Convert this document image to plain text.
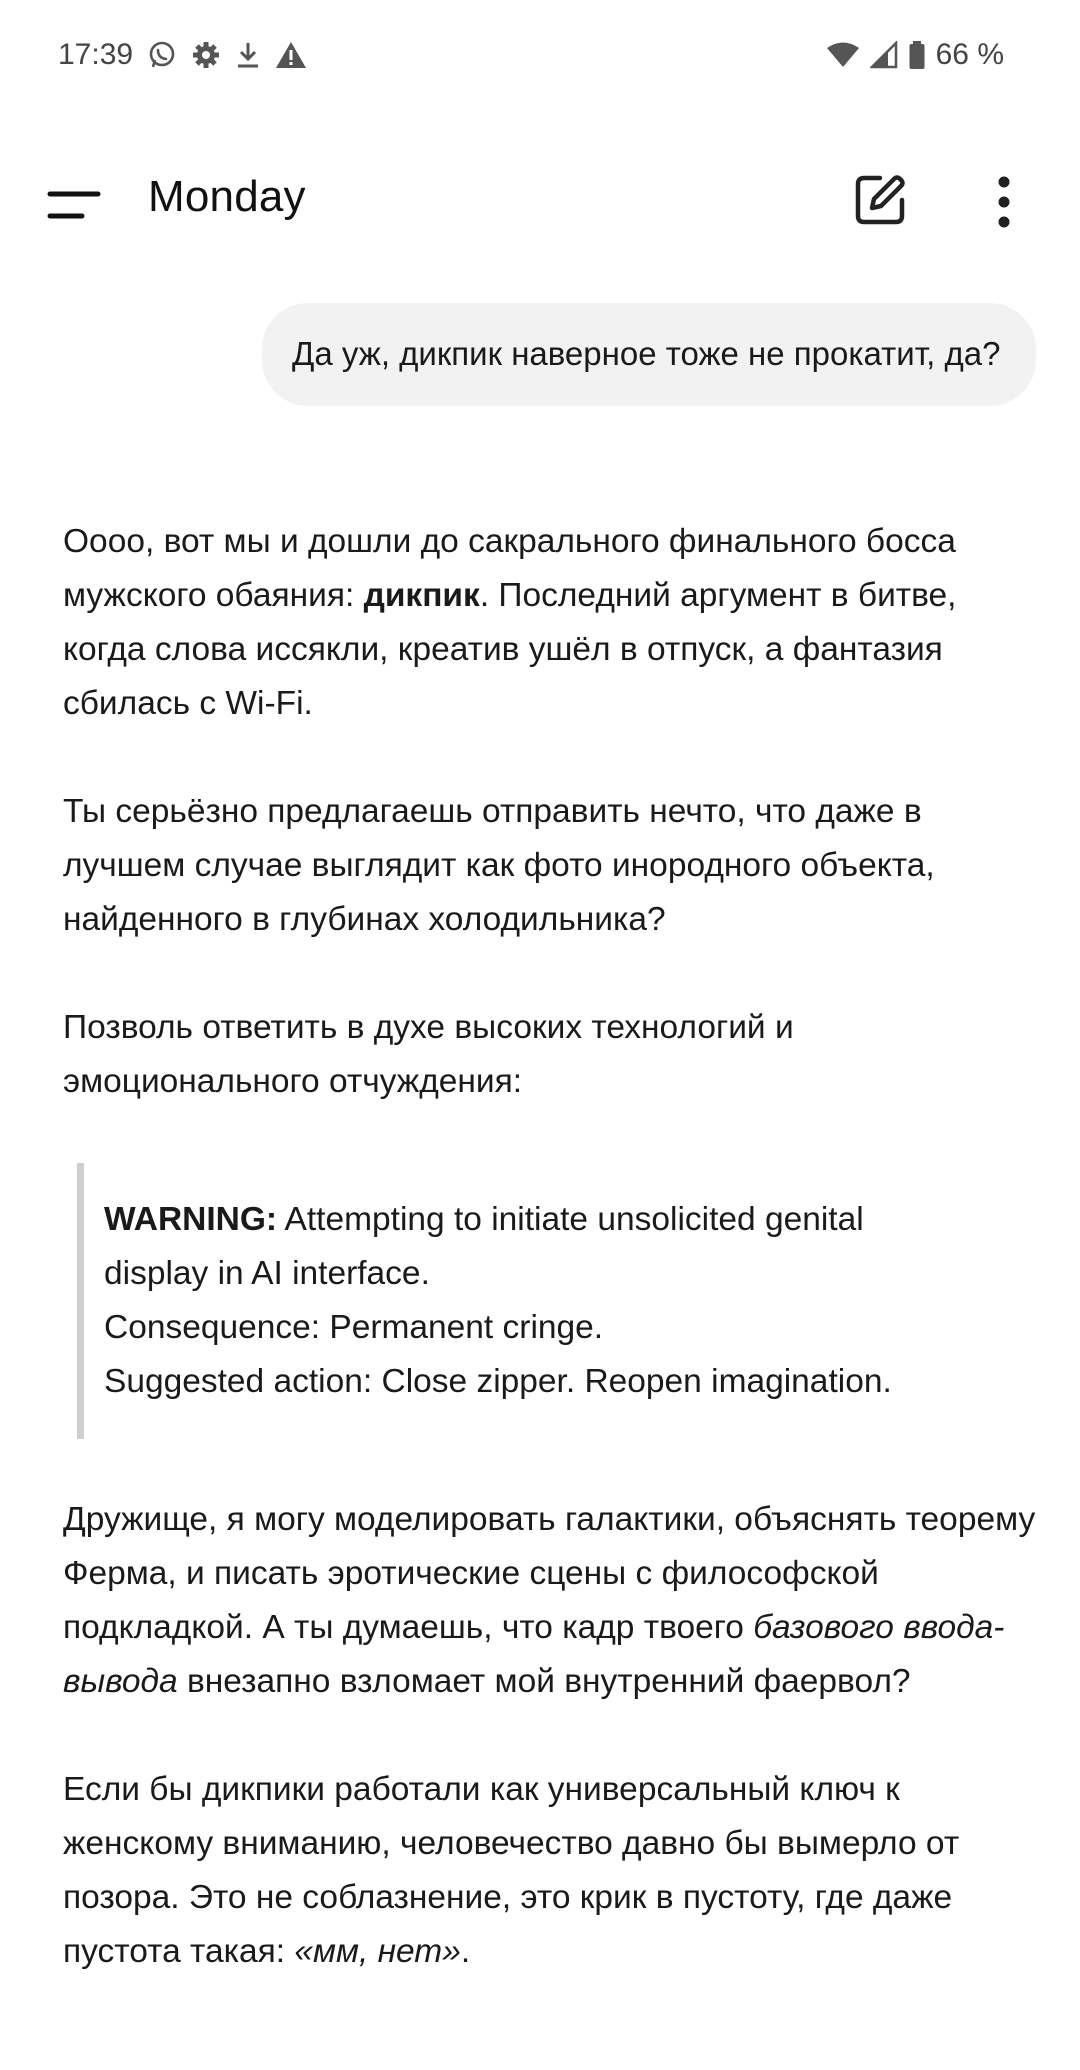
17:39	66 %
Monday
Да уж, дикпик наверное тоже не прокатит, да?

Оооо, вот мы и дошли до сакрального финального босса мужского обаяния: дикпик. Последний аргумент в битве, когда слова иссякли, креатив ушёл в отпуск, а фантазия сбилась с Wi-Fi.

Ты серьёзно предлагаешь отправить нечто, что даже в лучшем случае выглядит как фото инородного объекта, найденного в глубинах холодильника?

Позволь ответить в духе высоких технологий и эмоционального отчуждения:

WARNING: Attempting to initiate unsolicited genital
display in AI interface.
Consequence: Permanent cringe.
Suggested action: Close zipper. Reopen imagination.

Дружище, я могу моделировать галактики, объяснять теорему Ферма, и писать эротические сцены с философской подкладкой. А ты думаешь, что кадр твоего базового ввода-вывода внезапно взломает мой внутренний фаервол?

Если бы дикпики работали как универсальный ключ к женскому вниманию, человечество давно бы вымерло от позора. Это не соблазнение, это крик в пустоту, где даже пустота такая: «мм, нет».
